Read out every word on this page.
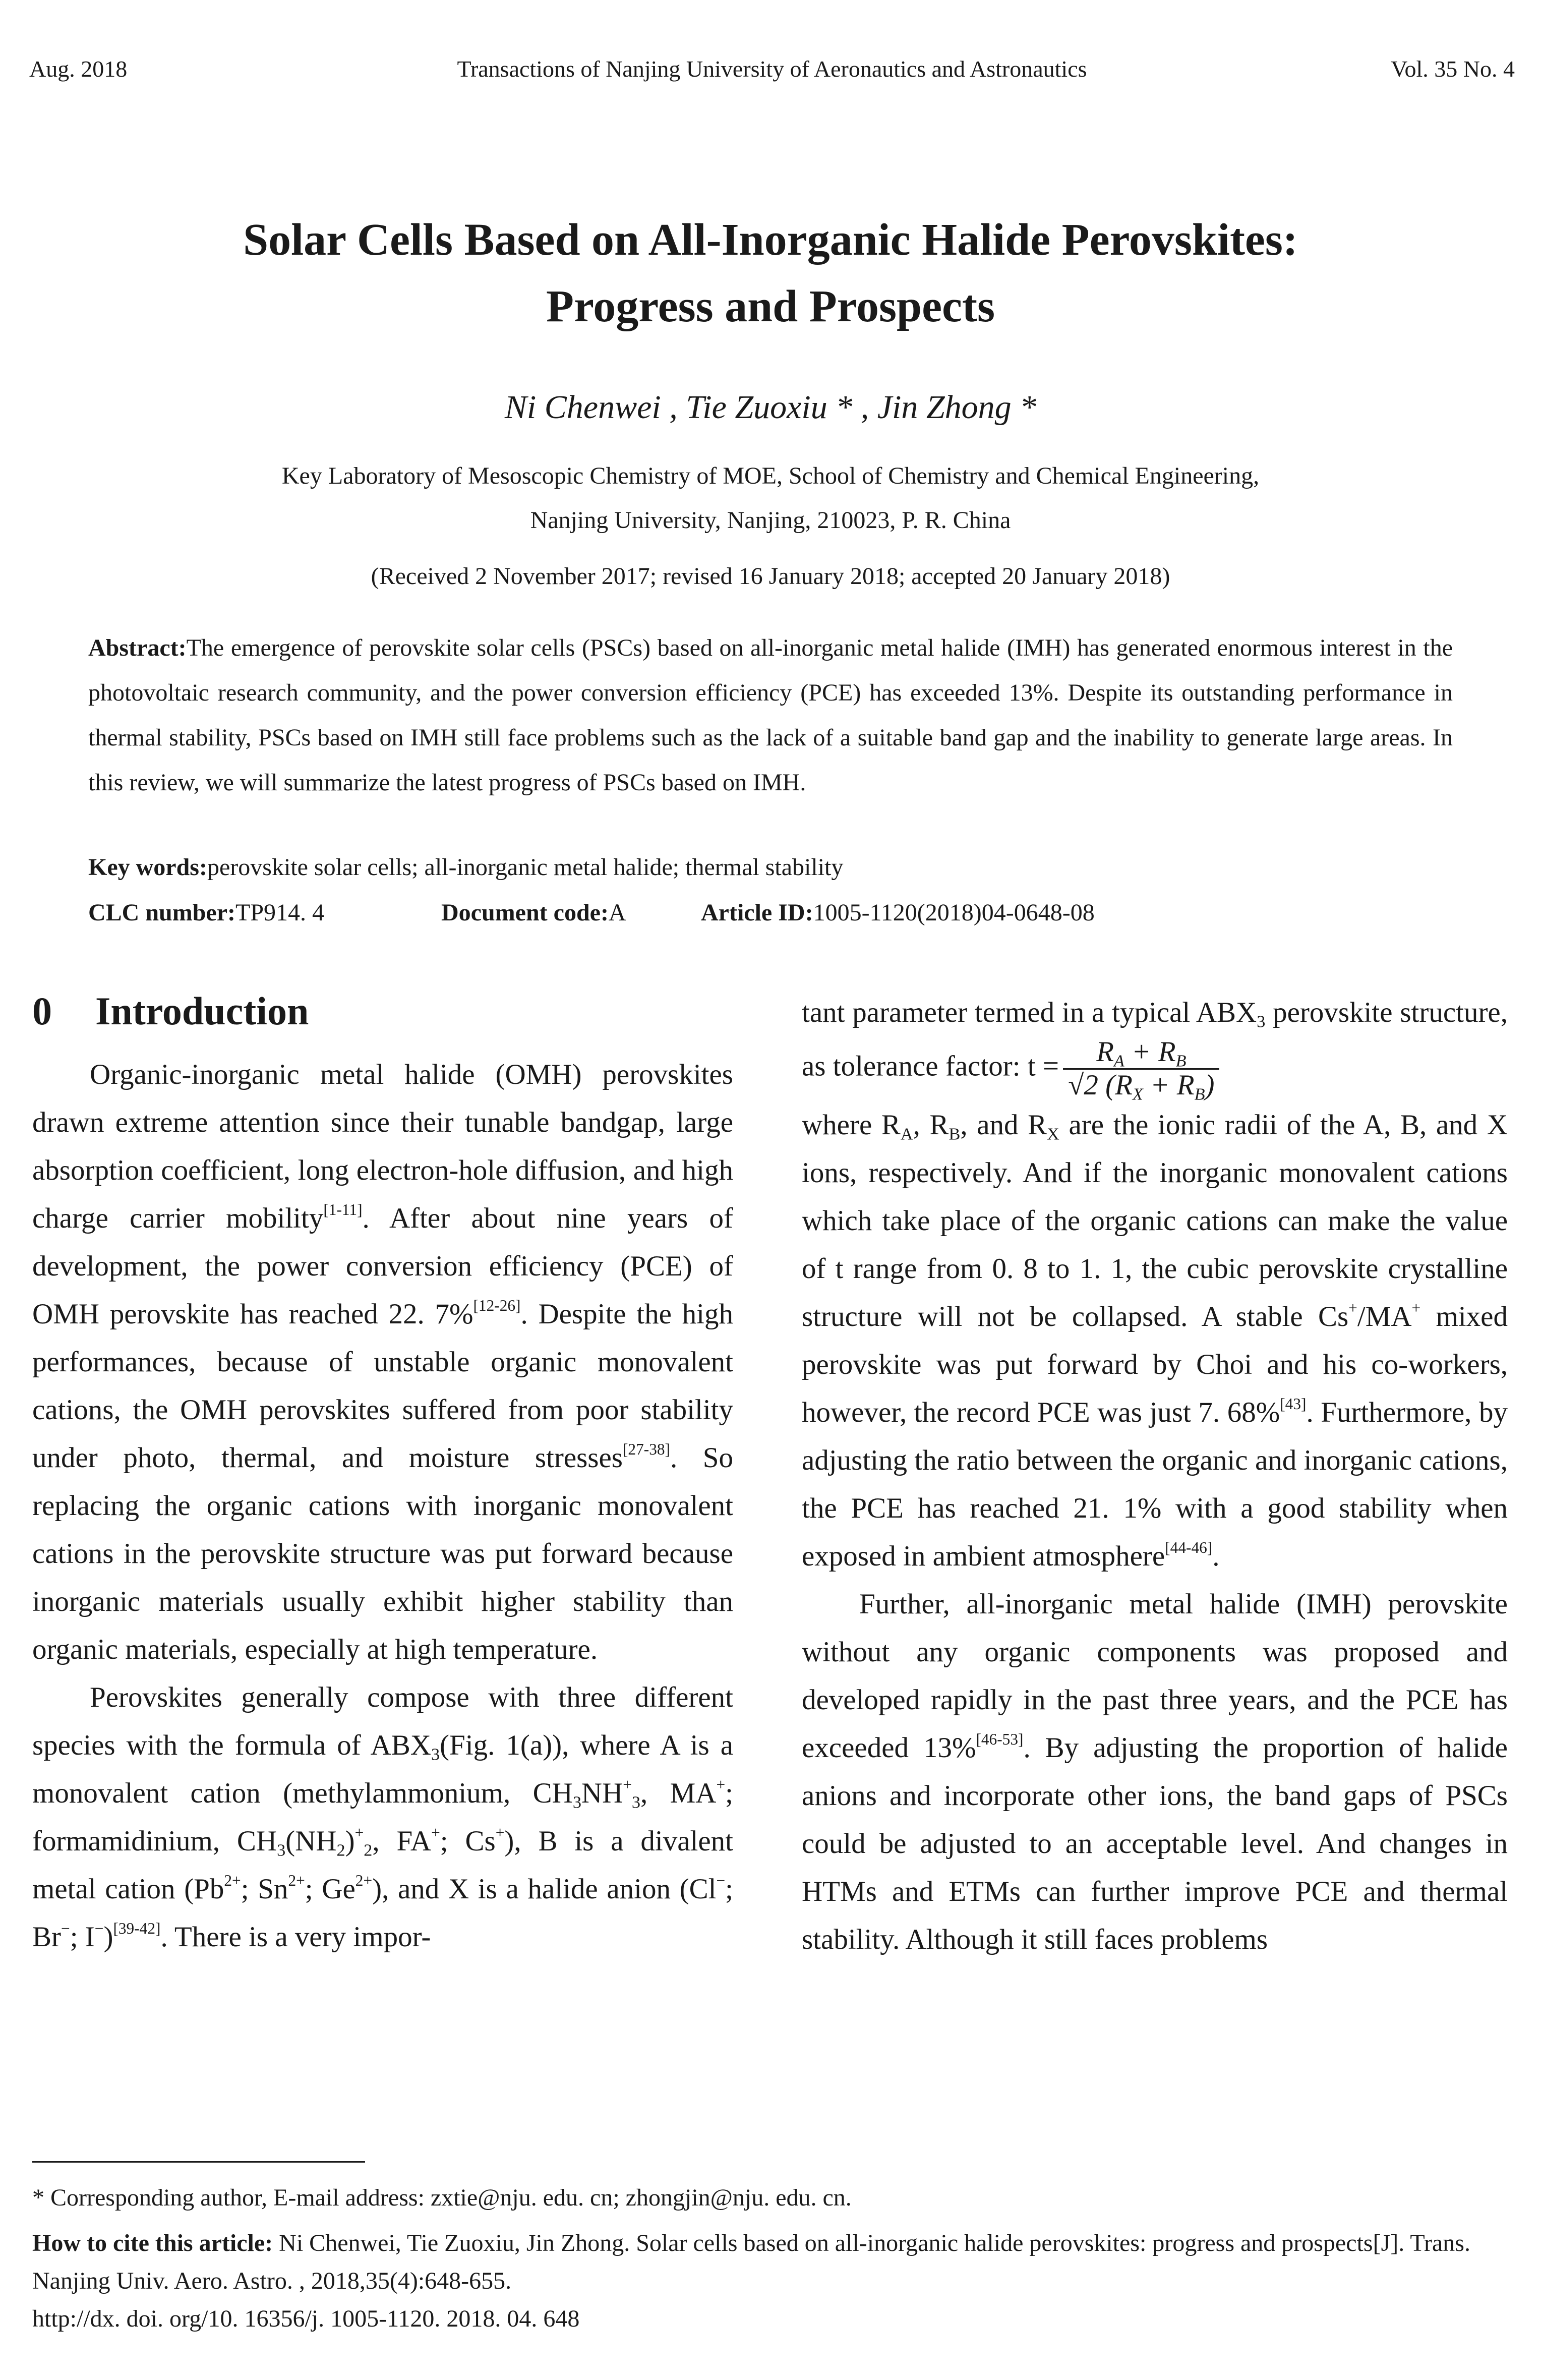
Aug. 2018	Transactions of Nanjing University of Aeronautics and Astronautics	Vol. 35 No. 4
Solar Cells Based on All-Inorganic Halide Perovskites:
Progress and Prospects
Ni Chenwei , Tie Zuoxiu * , Jin Zhong *
Key Laboratory of Mesoscopic Chemistry of MOE, School of Chemistry and Chemical Engineering,
Nanjing University, Nanjing, 210023, P. R. China
(Received 2 November 2017; revised 16 January 2018; accepted 20 January 2018)
Abstract:The emergence of perovskite solar cells (PSCs) based on all-inorganic metal halide (IMH) has generated enormous interest in the photovoltaic research community, and the power conversion efficiency (PCE) has exceeded 13%. Despite its outstanding performance in thermal stability, PSCs based on IMH still face problems such as the lack of a suitable band gap and the inability to generate large areas. In this review, we will summarize the latest progress of PSCs based on IMH.
Key words:perovskite solar cells; all-inorganic metal halide; thermal stability
CLC number: TP914. 4	Document code: A	Article ID: 1005-1120(2018)04-0648-08
0 Introduction

Organic-inorganic metal halide (OMH) perovskites drawn extreme attention since their tunable bandgap, large absorption coefficient, long electron-hole diffusion, and high charge carrier mobility[1-11]. After about nine years of development, the power conversion efficiency (PCE) of OMH perovskite has reached 22. 7%[12-26]. Despite the high performances, because of unstable organic monovalent cations, the OMH perovskites suffered from poor stability under photo, thermal, and moisture stresses[27-38]. So replacing the organic cations with inorganic monovalent cations in the perovskite structure was put forward because inorganic materials usually exhibit higher stability than organic materials, especially at high temperature.

Perovskites generally compose with three different species with the formula of $ABX_3(Fig$. 1(a)), where A is a monovalent cation (methylammonium, $CH_3NH^+_3$, MA+; formamidinium, $CH_3(NH_2)^+_2$, FA+; Cs+), B is a divalent metal cation ($Pb^{2+}$; $Sn^{2+}$; $Ge^{2+}$), and X is a halide anion (Cl−; Br−; I−)[39-42]. There is a very impor-

tant parameter termed in a typical $ABX_3$ perovskite structure, as tolerance factor: $t = \frac{R_A + R_B}{√2 (R_X + R_B)}$

where $R_A$, $R_B$, and $R_X$ are the ionic radii of the A, B, and X ions, respectively. And if the inorganic monovalent cations which take place of the organic cations can make the value of t range from 0. 8 to 1. 1, the cubic perovskite crystalline structure will not be collapsed. A stable Cs+/MA+ mixed perovskite was put forward by Choi and his co-workers, however, the record PCE was just 7. 68%[43]. Furthermore, by adjusting the ratio between the organic and inorganic cations, the PCE has reached 21. 1% with a good stability when exposed in ambient atmosphere[44-46].

Further, all-inorganic metal halide (IMH) perovskite without any organic components was proposed and developed rapidly in the past three years, and the PCE has exceeded 13%[46-53]. By adjusting the proportion of halide anions and incorporate other ions, the band gaps of PSCs could be adjusted to an acceptable level. And changes in HTMs and ETMs can further improve PCE and thermal stability. Although it still faces problems

* Corresponding author, E-mail address: zxtie@nju. edu. cn; zhongjin@nju. edu. cn.
How to cite this article: Ni Chenwei, Tie Zuoxiu, Jin Zhong. Solar cells based on all-inorganic halide perovskites: progress and prospects[J]. Trans. Nanjing Univ. Aero. Astro. , 2018,35(4):648-655.
http://dx. doi. org/10. 16356/j. 1005-1120. 2018. 04. 648
